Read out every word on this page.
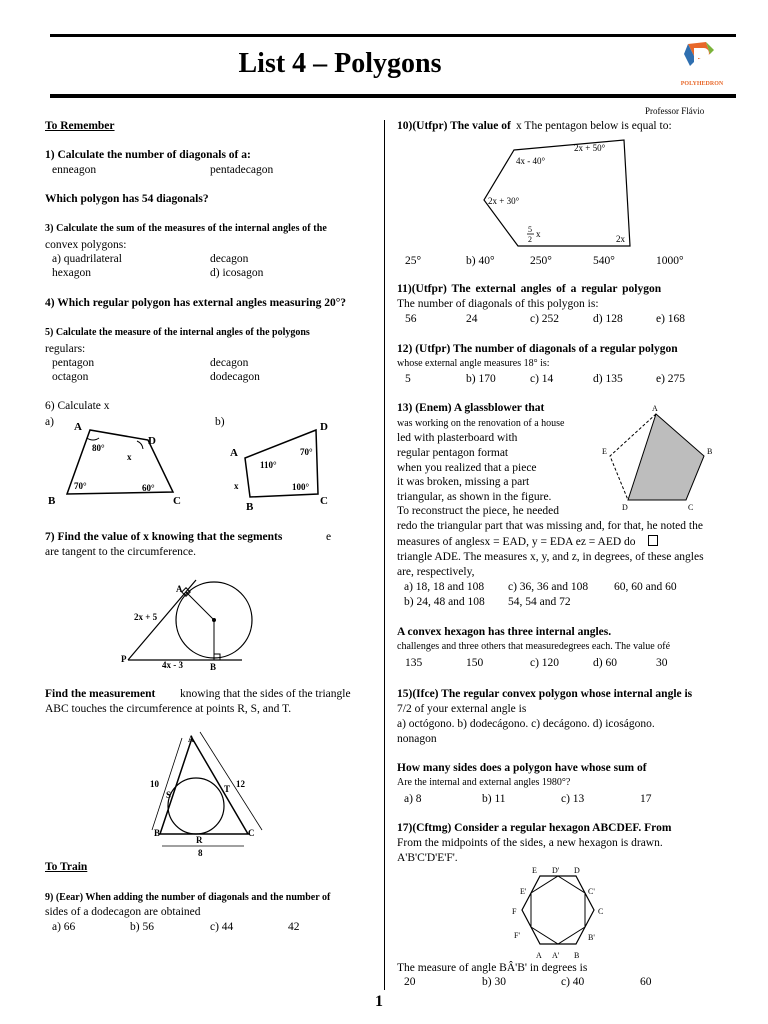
List 4 – Polygons
POLYHEDRON
Professor Flávio
To Remember
1) Calculate the number of diagonals of a:
enneagon	pentadecagon
Which polygon has 54 diagonals?
3) Calculate the sum of the measures of the internal angles of the
convex polygons:
a) quadrilateral	decagon
hexagon	d) icosagon
4) Which regular polygon has external angles measuring 20°?
5) Calculate the measure of the internal angles of the polygons
regulars:
pentagon	decagon
octagon	dodecagon
6) Calculate x
a)	b)
A
D
B	C
80°
x
70°	60°
A
D
B	C
110°
70°
x	100°
7) Find the value of x knowing that the segments	e
are tangent to the circumference.
A
B
P
2x + 5
4x - 3
Find the measurement knowing that the sides of the triangle
ABC touches the circumference at points R, S, and T.
A
B	C
R
S
T
10	12
8
To Train
9) (Eear) When adding the number of diagonals and the number of
sides of a dodecagon are obtained
a) 66	b) 56	c) 44	42
10)(Utfpr) The value of x The pentagon below is equal to:
4x - 40°
2x + 50°
2x + 30°
5
2
x	2x
25°	b) 40°	250°	540°	1000°
11)(Utfpr) The external angles of a regular polygon
The number of diagonals of this polygon is:
56	24	c) 252	d) 128	e) 168
12) (Utfpr) The number of diagonals of a regular polygon
whose external angle measures 18° is:
5	b) 170	c) 14	d) 135	e) 275
13) (Enem) A glassblower that
was working on the renovation of a house
led with plasterboard with
regular pentagon format
when you realized that a piece
it was broken, missing a part
triangular, as shown in the figure.
To reconstruct the piece, he needed
redo the triangular part that was missing and, for that, he noted the
measures of anglesx = EAD, y = EDA ez = AED do
triangle ADE. The measures x, y, and z, in degrees, of these angles
are, respectively,
a) 18, 18 and 108 c) 36, 36 and 108 60, 60 and 60
b) 24, 48 and 108 54, 54 and 72
A
B
C
D
E
A convex hexagon has three internal angles.
challenges and three others that measuredegrees each. The value ofé
135	150	c) 120	d) 60	30
15)(Ifce) The regular convex polygon whose internal angle is
7/2 of your external angle is
a) octógono. b) dodecágono. c) decágono. d) icoságono.
nonagon
How many sides does a polygon have whose sum of
Are the internal and external angles 1980°?
a) 8	b) 11	c) 13	17
17)(Cftmg) Consider a regular hexagon ABCDEF. From
From the midpoints of the sides, a new hexagon is drawn.
A'B'C'D'E'F'.
A A' B
B'
C
C'
D
D'
E'
E
F
F'
The measure of angle BÂ'B' in degrees is
20	b) 30	c) 40	60
1
